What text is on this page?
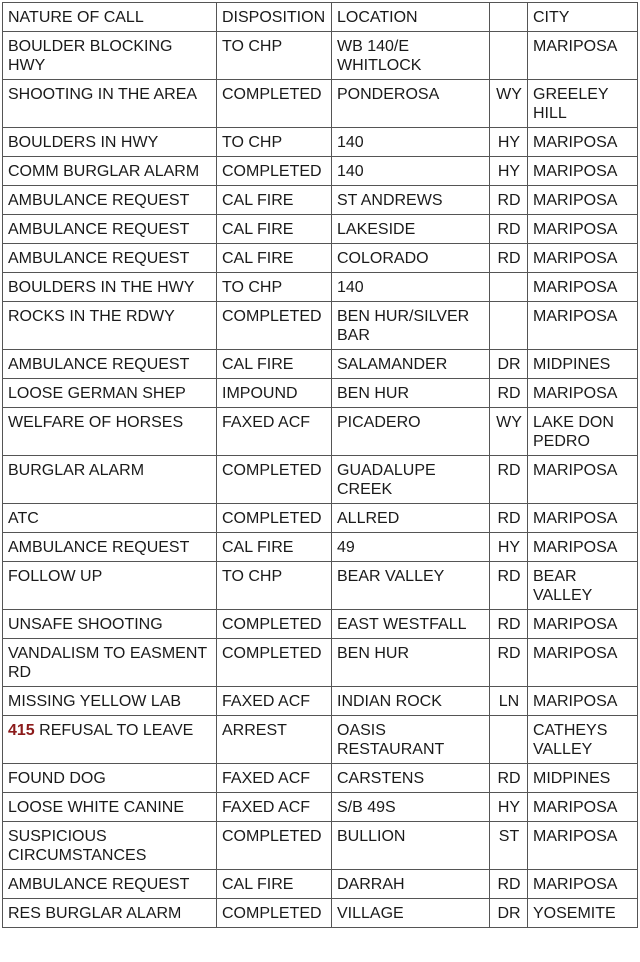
NATURE OF CALL	DISPOSITION	LOCATION		CITY
BOULDER BLOCKING HWY	TO CHP	WB 140/E WHITLOCK		MARIPOSA
SHOOTING IN THE AREA	COMPLETED	PONDEROSA	WY	GREELEY HILL
BOULDERS IN HWY	TO CHP	140	HY	MARIPOSA
COMM BURGLAR ALARM	COMPLETED	140	HY	MARIPOSA
AMBULANCE REQUEST	CAL FIRE	ST ANDREWS	RD	MARIPOSA
AMBULANCE REQUEST	CAL FIRE	LAKESIDE	RD	MARIPOSA
AMBULANCE REQUEST	CAL FIRE	COLORADO	RD	MARIPOSA
BOULDERS IN THE HWY	TO CHP	140		MARIPOSA
ROCKS IN THE RDWY	COMPLETED	BEN HUR/SILVER BAR		MARIPOSA
AMBULANCE REQUEST	CAL FIRE	SALAMANDER	DR	MIDPINES
LOOSE GERMAN SHEP	IMPOUND	BEN HUR	RD	MARIPOSA
WELFARE OF HORSES	FAXED ACF	PICADERO	WY	LAKE DON PEDRO
BURGLAR ALARM	COMPLETED	GUADALUPE CREEK	RD	MARIPOSA
ATC	COMPLETED	ALLRED	RD	MARIPOSA
AMBULANCE REQUEST	CAL FIRE	49	HY	MARIPOSA
FOLLOW UP	TO CHP	BEAR VALLEY	RD	BEAR VALLEY
UNSAFE SHOOTING	COMPLETED	EAST WESTFALL	RD	MARIPOSA
VANDALISM TO EASMENT RD	COMPLETED	BEN HUR	RD	MARIPOSA
MISSING YELLOW LAB	FAXED ACF	INDIAN ROCK	LN	MARIPOSA
415 REFUSAL TO LEAVE	ARREST	OASIS RESTAURANT		CATHEYS VALLEY
FOUND DOG	FAXED ACF	CARSTENS	RD	MIDPINES
LOOSE WHITE CANINE	FAXED ACF	S/B 49S	HY	MARIPOSA
SUSPICIOUS CIRCUMSTANCES	COMPLETED	BULLION	ST	MARIPOSA
AMBULANCE REQUEST	CAL FIRE	DARRAH	RD	MARIPOSA
RES BURGLAR ALARM	COMPLETED	VILLAGE	DR	YOSEMITE
